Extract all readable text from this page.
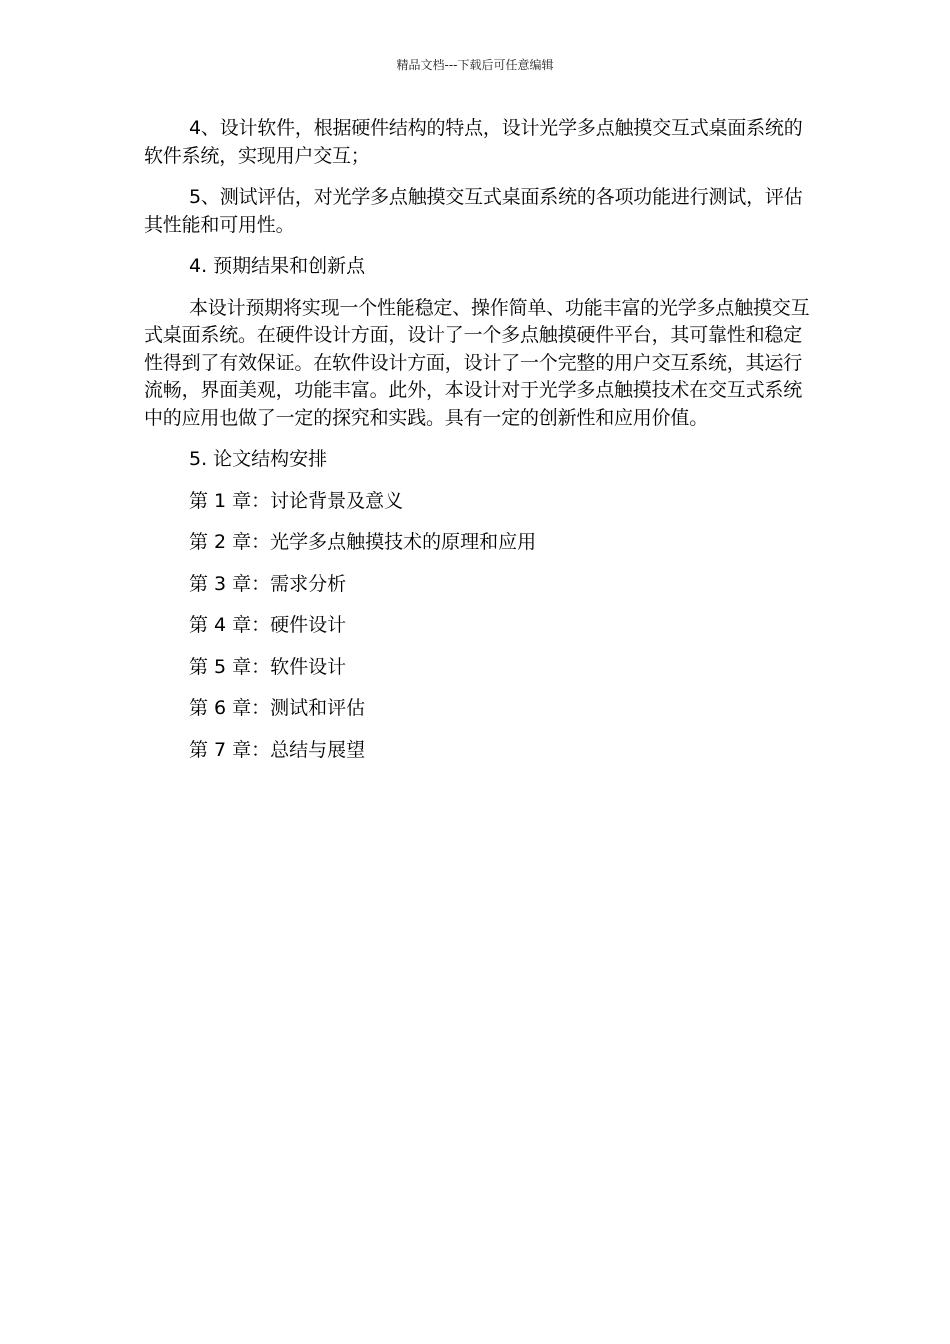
精品文档---下载后可任意编辑

4、设计软件，根据硬件结构的特点，设计光学多点触摸交互式桌面系统的软件系统，实现用户交互；

5、测试评估，对光学多点触摸交互式桌面系统的各项功能进行测试，评估其性能和可用性。

4. 预期结果和创新点

本设计预期将实现一个性能稳定、操作简单、功能丰富的光学多点触摸交互式桌面系统。在硬件设计方面，设计了一个多点触摸硬件平台，其可靠性和稳定性得到了有效保证。在软件设计方面，设计了一个完整的用户交互系统，其运行流畅，界面美观，功能丰富。此外，本设计对于光学多点触摸技术在交互式系统中的应用也做了一定的探究和实践。具有一定的创新性和应用价值。

5. 论文结构安排
第 1 章：讨论背景及意义
第 2 章：光学多点触摸技术的原理和应用
第 3 章：需求分析
第 4 章：硬件设计
第 5 章：软件设计
第 6 章：测试和评估
第 7 章：总结与展望
